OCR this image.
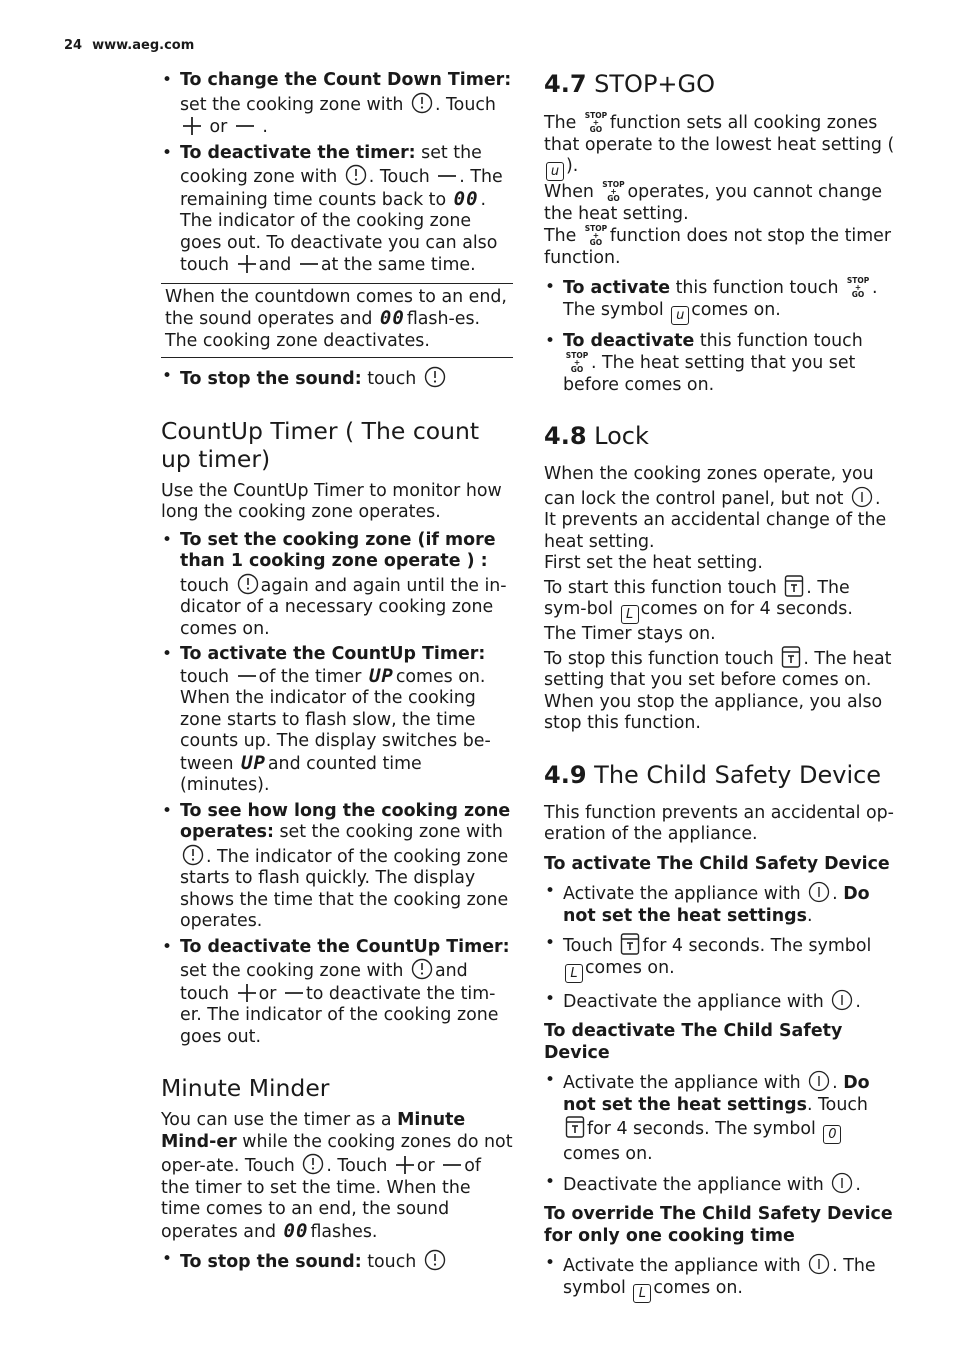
24 www.aeg.com
• To change the Count Down Timer:
set the cooking zone with . Touch
or .
• To deactivate the timer: set the cooking zone with . Touch . The remaining time counts back to 00 . The indicator of the cooking zone goes out. To deactivate you can also touch and at the same time.

When the countdown comes to an end, the sound operates and 00 flash-es. The cooking zone deactivates.

• To stop the sound: touch
CountUp Timer ( The count up timer)

Use the CountUp Timer to monitor how long the cooking zone operates.

• To set the cooking zone (if more than 1 cooking zone operate ) :
touch again and again until the in-dicator of a necessary cooking zone comes on.
• To activate the CountUp Timer:
touch of the timer UP comes on. When the indicator of the cooking zone starts to flash slow, the time counts up. The display switches be-tween UP and counted time (minutes).
• To see how long the cooking zone operates: set the cooking zone with
. The indicator of the cooking zone starts to flash quickly. The display shows the time that the cooking zone operates.
• To deactivate the CountUp Timer:
set the cooking zone with and touch or to deactivate the tim-er. The indicator of the cooking zone goes out.
Minute Minder

You can use the timer as a Minute Mind-er while the cooking zones do not oper-ate. Touch . Touch or of the timer to set the time. When the time comes to an end, the sound operates and 00 flashes.

• To stop the sound: touch
4.7 STOP+GO

The STOP
+
GO function sets all cooking zones that operate to the lowest heat setting ( u ).

When STOP
+
GO operates, you cannot change the heat setting.

The STOP
+
GO function does not stop the timer function.

• To activate this function touch STOP
+
GO . The symbol u comes on.
• To deactivate this function touch
STOP
+
GO . The heat setting that you set before comes on.
4.8 Lock

When the cooking zones operate, you can lock the control panel, but not . It prevents an accidental change of the heat setting.

First set the heat setting.

To start this function touch . The sym-bol L comes on for 4 seconds.

The Timer stays on.

To stop this function touch . The heat setting that you set before comes on.

When you stop the appliance, you also stop this function.

4.9 The Child Safety Device

This function prevents an accidental op-eration of the appliance.

To activate The Child Safety Device
• Activate the appliance with . Do not set the heat settings.
• Touch for 4 seconds. The symbol L comes on.
• Deactivate the appliance with .
To deactivate The Child Safety Device
• Activate the appliance with . Do not set the heat settings. Touch
for 4 seconds. The symbol 0comes on.
• Deactivate the appliance with .
To override The Child Safety Device for only one cooking time
• Activate the appliance with . The symbol L comes on.
